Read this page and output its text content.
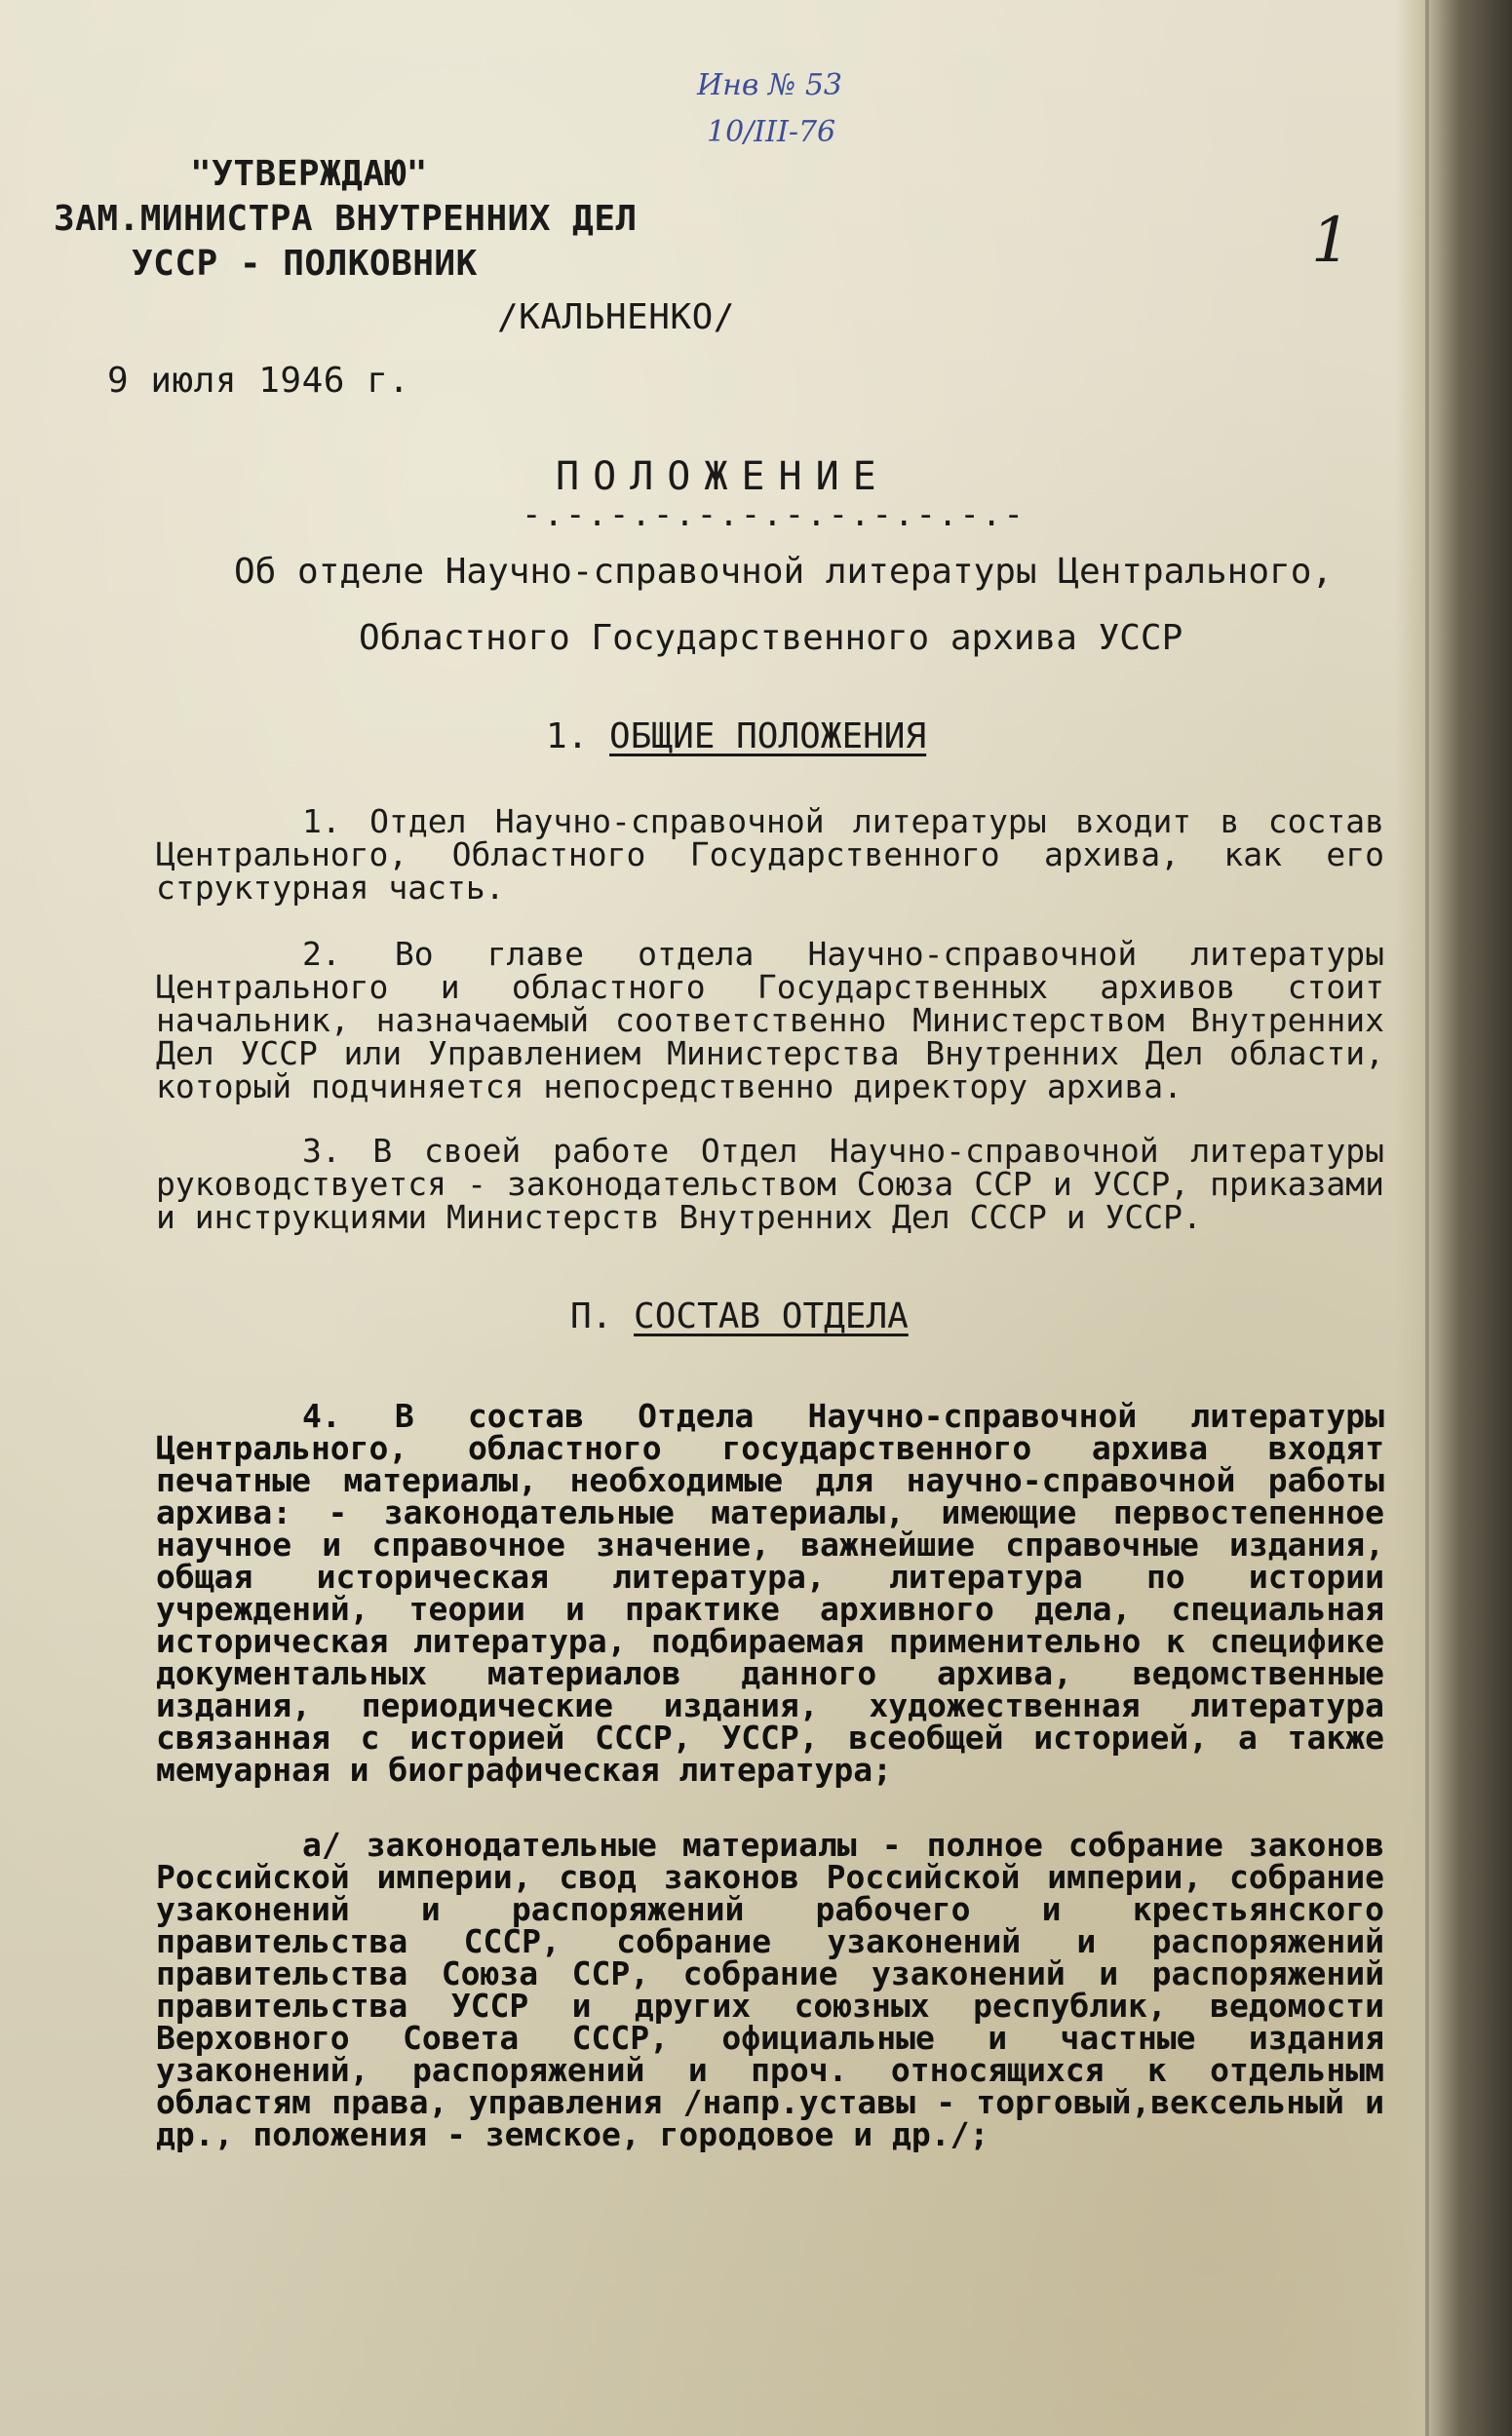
Инв № 53
10/III-76
1
"УТВЕРЖДАЮ"
ЗАМ.МИНИСТРА ВНУТРЕННИХ ДЕЛ
УССР - ПОЛКОВНИК
/КАЛЬНЕНКО/
9 июля 1946 г.
ПОЛОЖЕНИЕ
-.-.-.-.-.-.-.-.-.-.-.-
Об отделе Научно-справочной литературы Центрального,
Областного Государственного архива УССР
1. ОБЩИЕ ПОЛОЖЕНИЯ
1. Отдел Научно-справочной литературы входит в состав Центрального, Областного Государственного архива, как его структурная часть.
2. Во главе отдела Научно-справочной литературы Центрального и областного Государственных архивов стоит начальник, назначаемый соответственно Министерством Внутренних Дел УССР или Управлением Министерства Внутренних Дел области, который подчиняется непосредственно директору архива.
3. В своей работе Отдел Научно-справочной литературы руководствуется - законодательством Союза ССР и УССР, приказами и инструкциями Министерств Внутренних Дел СССР и УССР.
П. СОСТАВ ОТДЕЛА
4. В состав Отдела Научно-справочной литературы Центрального, областного государственного архива входят печатные материалы, необходимые для научно-справочной работы архива: - законодательные материалы, имеющие первостепенное научное и справочное значение, важнейшие справочные издания, общая историческая литература, литература по истории учреждений, теории и практике архивного дела, специальная историческая литература, подбираемая применительно к специфике документальных материалов данного архива, ведомственные издания, периодические издания, художественная литература связанная с историей СССР, УССР, всеобщей историей, а также мемуарная и биографическая литература;
а/ законодательные материалы - полное собрание законов Российской империи, свод законов Российской империи, собрание узаконений и распоряжений рабочего и крестьянского правительства СССР, собрание узаконений и распоряжений правительства Союза ССР, собрание узаконений и распоряжений правительства УССР и других союзных республик, ведомости Верховного Совета СССР, официальные и частные издания узаконений, распоряжений и проч. относящихся к отдельным областям права, управления /напр.уставы - торговый,вексельный и др., положения - земское, городовое и др./;
